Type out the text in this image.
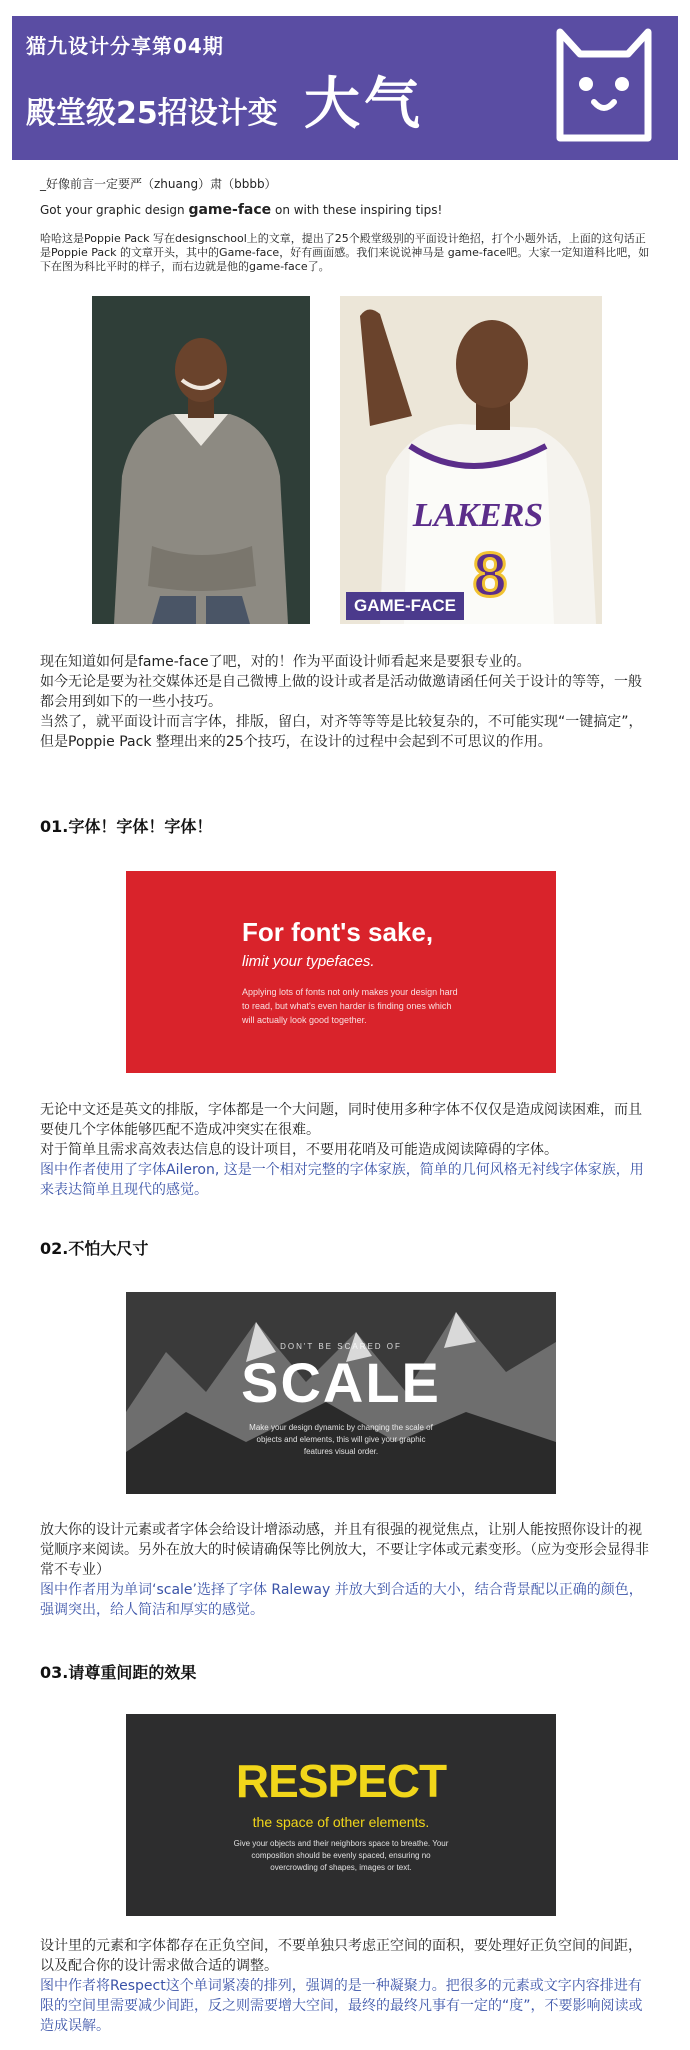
猫九设计分享第04期
殿堂级25招设计变 大气
_好像前言一定要严（zhuang）肃（bbbb）
Got your graphic design game-face on with these inspiring tips!
哈哈这是Poppie Pack 写在designschool上的文章，提出了25个殿堂级别的平面设计绝招，打个小题外话，上面的这句话正是Poppie Pack 的文章开头，其中的Game-face，好有画面感。我们来说说神马是 game-face吧。大家一定知道科比吧，如下在图为科比平时的样子，而右边就是他的game-face了。
LAKERS
8
GAME-FACE
现在知道如何是fame-face了吧，对的！作为平面设计师看起来是要狠专业的。
如今无论是要为社交媒体还是自己微博上做的设计或者是活动做邀请函任何关于设计的等等，一般都会用到如下的一些小技巧。
当然了，就平面设计而言字体，排版，留白，对齐等等等是比较复杂的，不可能实现“一键搞定”，但是Poppie Pack 整理出来的25个技巧，在设计的过程中会起到不可思议的作用。
01.字体！字体！字体！
For font's sake,
limit your typefaces.
Applying lots of fonts not only makes your design hard to read, but what's even harder is finding ones which will actually look good together.
无论中文还是英文的排版，字体都是一个大问题，同时使用多种字体不仅仅是造成阅读困难，而且要使几个字体能够匹配不造成冲突实在很难。
对于简单且需求高效表达信息的设计项目，不要用花哨及可能造成阅读障碍的字体。
图中作者使用了字体Aileron, 这是一个相对完整的字体家族，简单的几何风格无衬线字体家族，用来表达简单且现代的感觉。
02.不怕大尺寸
DON'T BE SCARED OF
SCALE
Make your design dynamic by changing the scale of objects and elements, this will give your graphic features visual order.
放大你的设计元素或者字体会给设计增添动感，并且有很强的视觉焦点，让别人能按照你设计的视觉顺序来阅读。另外在放大的时候请确保等比例放大，不要让字体或元素变形。（应为变形会显得非常不专业）
图中作者用为单词‘scale’选择了字体 Raleway 并放大到合适的大小，结合背景配以正确的颜色，强调突出，给人简洁和厚实的感觉。
03.请尊重间距的效果
RESPECT
the space of other elements.
Give your objects and their neighbors space to breathe. Your composition should be evenly spaced, ensuring no overcrowding of shapes, images or text.
设计里的元素和字体都存在正负空间，不要单独只考虑正空间的面积，要处理好正负空间的间距，以及配合你的设计需求做合适的调整。
图中作者将Respect这个单词紧凑的排列，强调的是一种凝聚力。把很多的元素或文字内容排进有限的空间里需要减少间距，反之则需要增大空间，最终的最终凡事有一定的“度”，不要影响阅读或造成误解。
